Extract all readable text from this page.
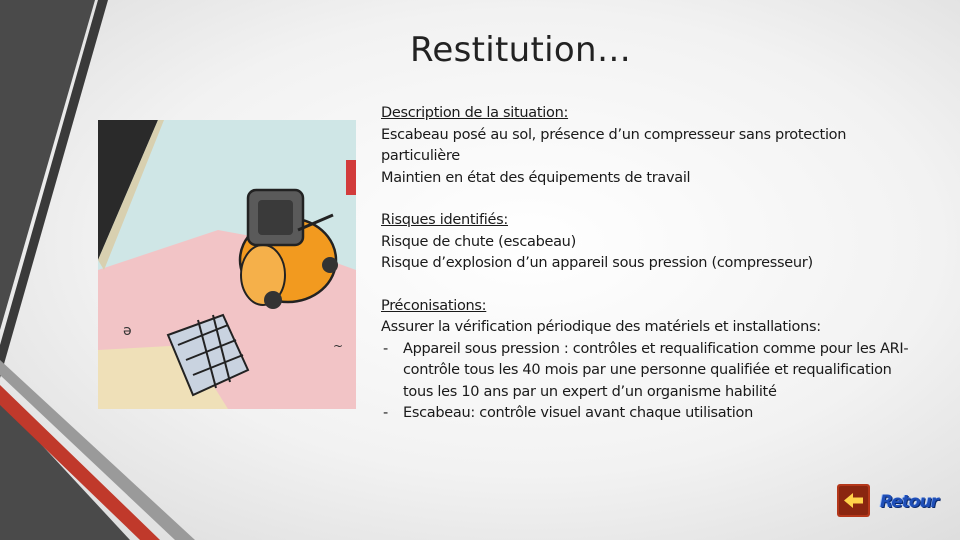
Restitution…
ə
~

Description de la situation:

Escabeau posé au sol, présence d’un compresseur sans protection particulière

Maintien en état des équipements de travail

Risques identifiés:

Risque de chute (escabeau)

Risque d’explosion d’un appareil sous pression (compresseur)

Préconisations:

Assurer la vérification périodique des matériels et installations:

- Appareil sous pression : contrôles et requalification comme pour les ARI- contrôle tous les 40 mois par une personne qualifiée et requalification tous les 10 ans par un expert d’un organisme habilité
- Escabeau: contrôle visuel avant chaque utilisation
Retour
